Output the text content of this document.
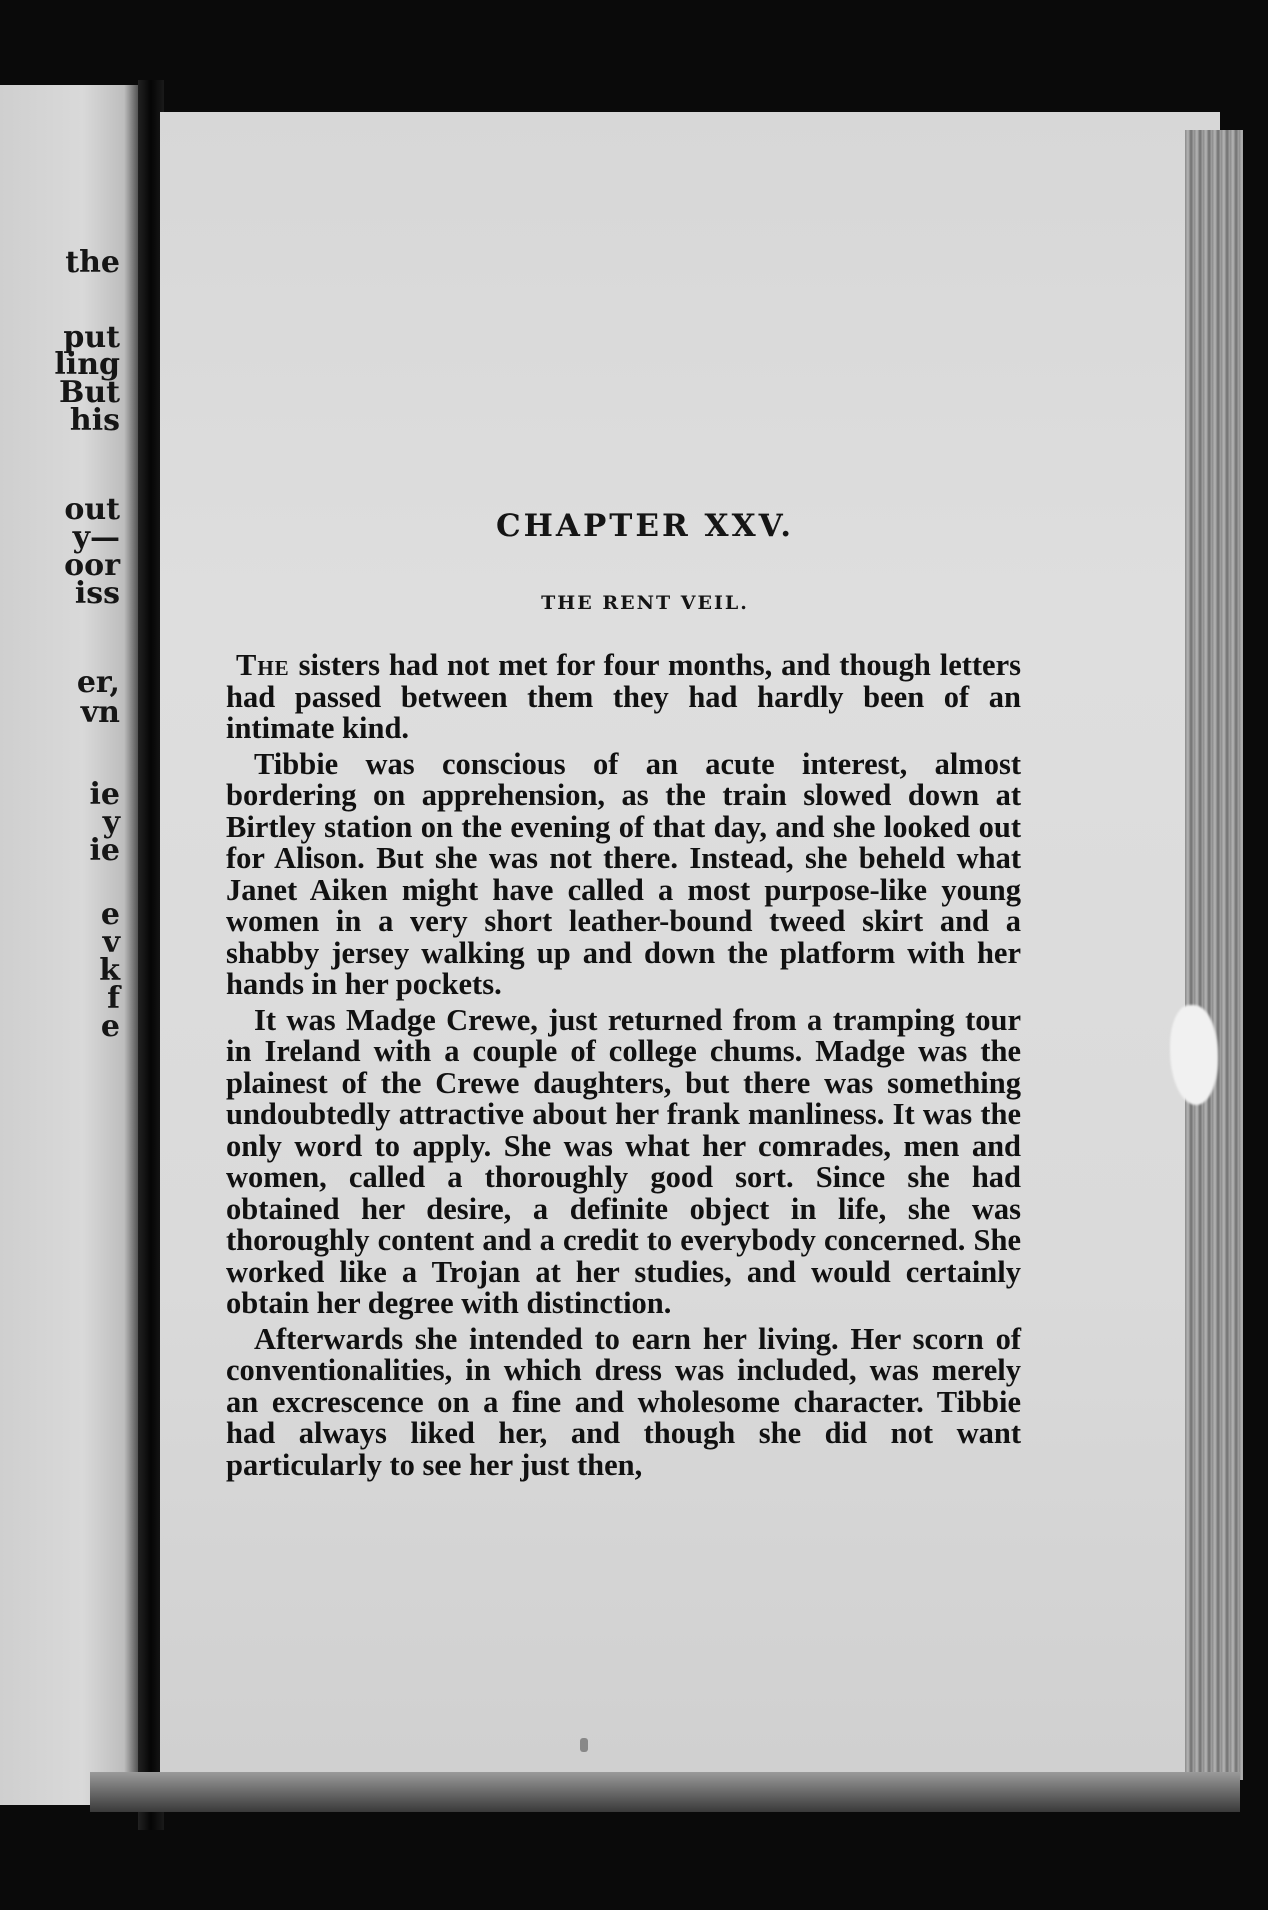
the
put
ling
But
his
out
y—
oor
iss
er,
vn
ie
y
ie
e
v
k
f
e
CHAPTER XXV.
THE RENT VEIL.

The sisters had not met for four months, and though letters had passed between them they had hardly been of an intimate kind.

Tibbie was conscious of an acute interest, almost bordering on apprehension, as the train slowed down at Birtley station on the evening of that day, and she looked out for Alison. But she was not there. Instead, she beheld what Janet Aiken might have called a most purpose-like young women in a very short leather-bound tweed skirt and a shabby jersey walking up and down the platform with her hands in her pockets.

It was Madge Crewe, just returned from a tramping tour in Ireland with a couple of college chums. Madge was the plainest of the Crewe daughters, but there was something undoubtedly attractive about her frank manliness. It was the only word to apply. She was what her comrades, men and women, called a thoroughly good sort. Since she had obtained her desire, a definite object in life, she was thoroughly content and a credit to everybody concerned. She worked like a Trojan at her studies, and would certainly obtain her degree with distinction.

Afterwards she intended to earn her living. Her scorn of conventionalities, in which dress was included, was merely an excrescence on a fine and wholesome character. Tibbie had always liked her, and though she did not want particularly to see her just then,
